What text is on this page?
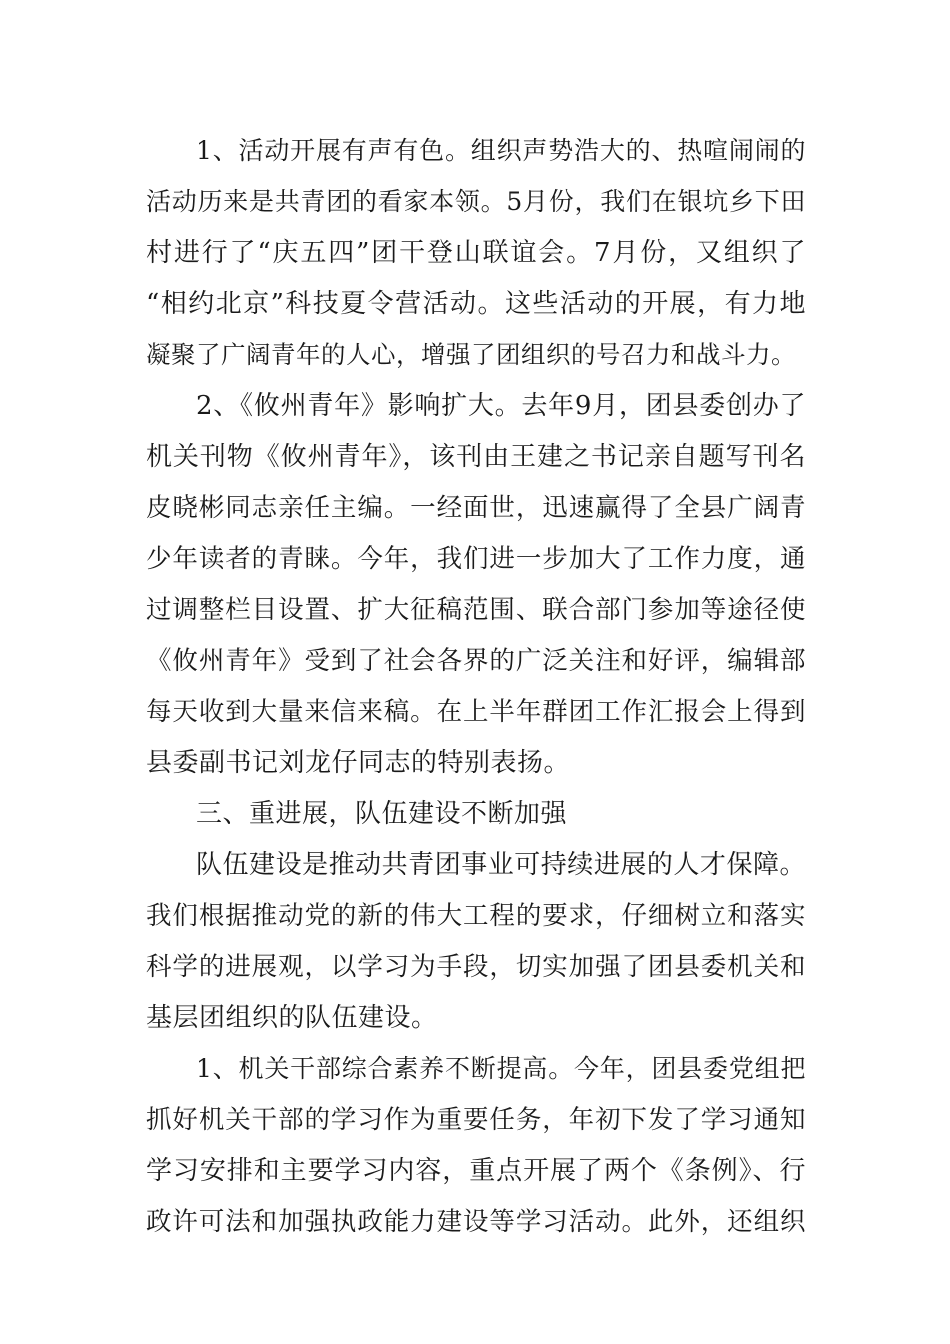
1、活动开展有声有色。组织声势浩大的、热喧闹闹的
活动历来是共青团的看家本领。5月份，我们在银坑乡下田
村进行了“庆五四”团干登山联谊会。7月份，又组织了
“相约北京”科技夏令营活动。这些活动的开展，有力地
凝聚了广阔青年的人心，增强了团组织的号召力和战斗力。
2、《攸州青年》影响扩大。去年9月，团县委创办了
机关刊物《攸州青年》，该刊由王建之书记亲自题写刊名
皮晓彬同志亲任主编。一经面世，迅速赢得了全县广阔青
少年读者的青睐。今年，我们进一步加大了工作力度，通
过调整栏目设置、扩大征稿范围、联合部门参加等途径使
《攸州青年》受到了社会各界的广泛关注和好评，编辑部
每天收到大量来信来稿。在上半年群团工作汇报会上得到
县委副书记刘龙仔同志的特别表扬。
三、重进展，队伍建设不断加强
队伍建设是推动共青团事业可持续进展的人才保障。
我们根据推动党的新的伟大工程的要求，仔细树立和落实
科学的进展观，以学习为手段，切实加强了团县委机关和
基层团组织的队伍建设。
1、机关干部综合素养不断提高。今年，团县委党组把
抓好机关干部的学习作为重要任务，年初下发了学习通知
学习安排和主要学习内容，重点开展了两个《条例》、行
政许可法和加强执政能力建设等学习活动。此外，还组织
